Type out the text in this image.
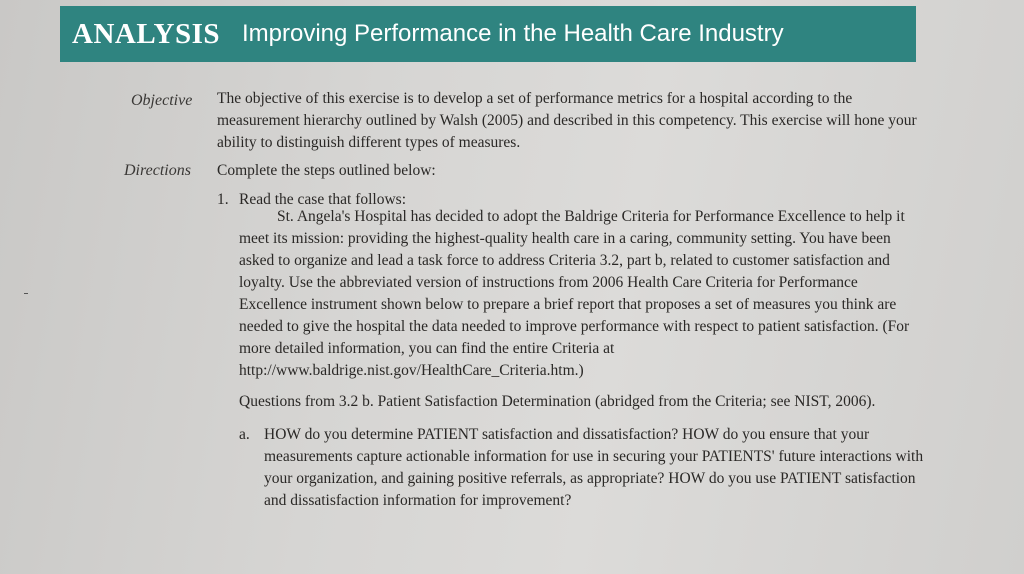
ANALYSIS Improving Performance in the Health Care Industry
Objective The objective of this exercise is to develop a set of performance metrics for a hospital according to the measurement hierarchy outlined by Walsh (2005) and described in this competency. This exercise will hone your ability to distinguish different types of measures.
Directions Complete the steps outlined below:
1. Read the case that follows:
St. Angela's Hospital has decided to adopt the Baldrige Criteria for Performance Excellence to help it meet its mission: providing the highest-quality health care in a caring, community setting. You have been asked to organize and lead a task force to address Criteria 3.2, part b, related to customer satisfaction and loyalty. Use the abbreviated version of instructions from 2006 Health Care Criteria for Performance Excellence instrument shown below to prepare a brief report that proposes a set of measures you think are needed to give the hospital the data needed to improve performance with respect to patient satisfaction. (For more detailed information, you can find the entire Criteria at http://www.baldrige.nist.gov/HealthCare_Criteria.htm.)
Questions from 3.2 b. Patient Satisfaction Determination (abridged from the Criteria; see NIST, 2006).
a. HOW do you determine PATIENT satisfaction and dissatisfaction? HOW do you ensure that your measurements capture actionable information for use in securing your PATIENTS' future interactions with your organization, and gaining positive referrals, as appropriate? HOW do you use PATIENT satisfaction and dissatisfaction information for improvement?
